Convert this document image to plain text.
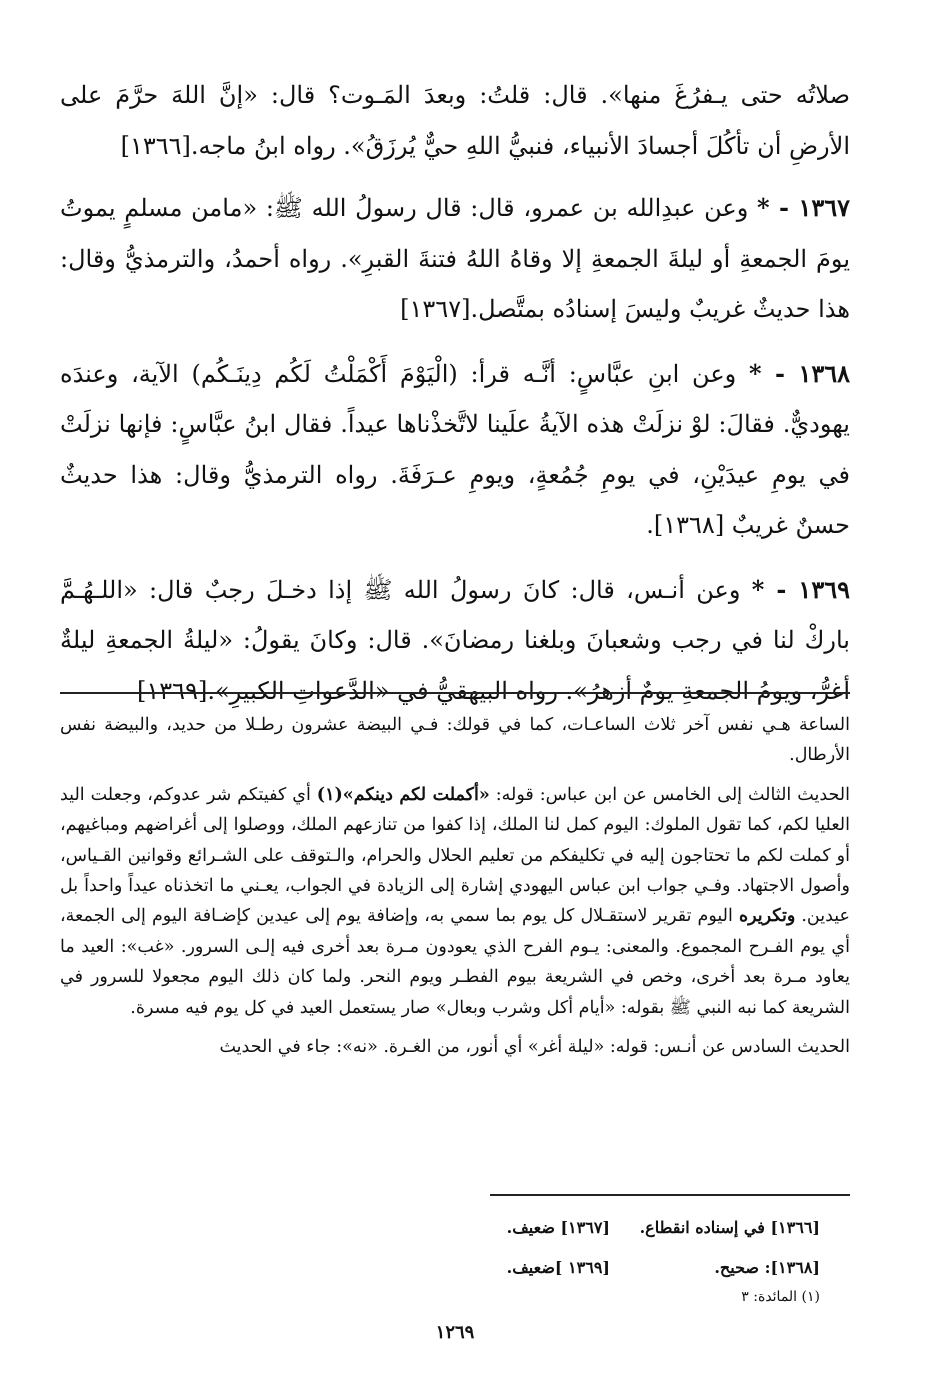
صلاتُه حتى يـفرُغَ منها». قال: قلتُ: وبعدَ المَـوت؟ قال: «إنَّ اللهَ حرَّمَ على الأرضِ أن تأكُلَ أجسادَ الأنبياء، فنبيُّ اللهِ حيٌّ يُرزَقُ». رواه ابنُ ماجه.[١٣٦٦]

١٣٦٧ - * وعن عبدِالله بن عمرو، قال: قال رسولُ الله ﷺ: «مامن مسلمٍ يموتُ يومَ الجمعةِ أو ليلةَ الجمعةِ إلا وقاهُ اللهُ فتنةَ القبرِ». رواه أحمدُ، والترمذيُّ وقال: هذا حديثٌ غريبٌ وليسَ إسنادُه بمتَّصل.[١٣٦٧]

١٣٦٨ - * وعن ابنِ عبَّاسٍ: أنَّـه قرأ: (الْيَوْمَ أَكْمَلْتُ لَكُم دِينَـكُم) الآية، وعندَه يهوديٌّ. فقالَ: لوْ نزلَتْ هذه الآيةُ علَينا لاتَّخذْناها عيداً. فقال ابنُ عبَّاسٍ: فإنها نزلَتْ في يومِ عيدَيْنِ، في يومِ جُمُعةٍ، ويومِ عـرَفَةَ. رواه الترمذيُّ وقال: هذا حديثٌ حسنٌ غريبٌ [١٣٦٨].

١٣٦٩ - * وعن أنـس، قال: كانَ رسولُ الله ﷺ إذا دخـلَ رجبٌ قال: «اللـهُـمَّ باركْ لنا في رجب وشعبانَ وبلغنا رمضانَ». قال: وكانَ يقولُ: «ليلةُ الجمعةِ ليلةٌ أغرُّ، ويومُ الجمعةِ يومٌ أزهرُ». رواه البيهقيُّ في «الدَّعواتِ الكبيرِ».[١٣٦٩]

الساعة هـي نفس آخر ثلاث الساعـات، كما في قولك: فـي البيضة عشرون رطـلا من حديد، والبيضة نفس الأرطال.

الحديث الثالث إلى الخامس عن ابن عباس: قوله: «أكملت لكم دينكم»(١) أي كفيتكم شر عدوكم، وجعلت اليد العليا لكم، كما تقول الملوك: اليوم كمل لنا الملك، إذا كفوا من تنازعهم الملك، ووصلوا إلى أغراضهم ومباغيهم، أو كملت لكم ما تحتاجون إليه في تكليفكم من تعليم الحلال والحرام، والـتوقف على الشـرائع وقوانين القـياس، وأصول الاجتهاد. وفـي جواب ابن عباس اليهودي إشارة إلى الزيادة في الجواب، يعـني ما اتخذناه عيداً واحداً بل عيدين. وتكريره اليوم تقرير لاستقـلال كل يوم بما سمي به، وإضافة يوم إلى عيدين كإضـافة اليوم إلى الجمعة، أي يوم الفـرح المجموع. والمعنى: يـوم الفرح الذي يعودون مـرة بعد أخرى فيه إلـى السرور. «غب»: العيد ما يعاود مـرة بعد أخرى، وخص في الشريعة بيوم الفطـر ويوم النحر. ولما كان ذلك اليوم مجعولا للسرور في الشريعة كما نبه النبي ﷺ بقوله: «أيام أكل وشرب وبعال» صار يستعمل العيد في كل يوم فيه مسرة.

الحديث السادس عن أنـس: قوله: «ليلة أغر» أي أنور، من الغـرة. «نه»: جاء في الحديث

[١٣٦٦] في إسناده انقطاع.
[١٣٦٧] ضعيف.
[١٣٦٨]: صحيح.
[١٣٦٩ ]ضعيف.
(١) المائدة: ٣
١٢٦٩
